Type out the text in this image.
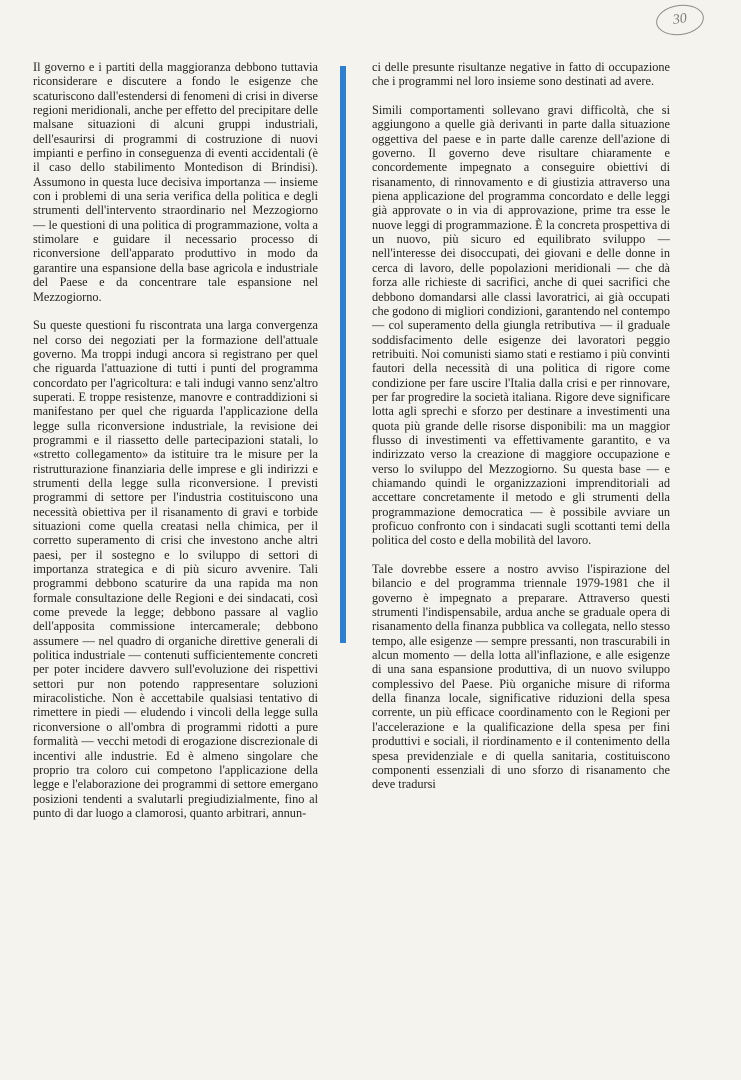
30

Il governo e i partiti della maggioranza debbono tuttavia riconsiderare e discutere a fondo le esigenze che scaturiscono dall'estendersi di fenomeni di crisi in diverse regioni meridionali, anche per effetto del precipitare delle malsane situazioni di alcuni gruppi industriali, dell'esaurirsi di programmi di costruzione di nuovi impianti e perfino in conseguenza di eventi accidentali (è il caso dello stabilimento Montedison di Brindisi). Assumono in questa luce decisiva importanza — insieme con i problemi di una seria verifica della politica e degli strumenti dell'intervento straordinario nel Mezzogiorno — le questioni di una politica di programmazione, volta a stimolare e guidare il necessario processo di riconversione dell'apparato produttivo in modo da garantire una espansione della base agricola e industriale del Paese e da concentrare tale espansione nel Mezzogiorno.

Su queste questioni fu riscontrata una larga convergenza nel corso dei negoziati per la formazione dell'attuale governo. Ma troppi indugi ancora si registrano per quel che riguarda l'attuazione di tutti i punti del programma concordato per l'agricoltura: e tali indugi vanno senz'altro superati. E troppe resistenze, manovre e contraddizioni si manifestano per quel che riguarda l'applicazione della legge sulla riconversione industriale, la revisione dei programmi e il riassetto delle partecipazioni statali, lo «stretto collegamento» da istituire tra le misure per la ristrutturazione finanziaria delle imprese e gli indirizzi e strumenti della legge sulla riconversione. I previsti programmi di settore per l'industria costituiscono una necessità obiettiva per il risanamento di gravi e torbide situazioni come quella creatasi nella chimica, per il corretto superamento di crisi che investono anche altri paesi, per il sostegno e lo sviluppo di settori di importanza strategica e di più sicuro avvenire. Tali programmi debbono scaturire da una rapida ma non formale consultazione delle Regioni e dei sindacati, così come prevede la legge; debbono passare al vaglio dell'apposita commissione intercamerale; debbono assumere — nel quadro di organiche direttive generali di politica industriale — contenuti sufficientemente concreti per poter incidere davvero sull'evoluzione dei rispettivi settori pur non potendo rappresentare soluzioni miracolistiche. Non è accettabile qualsiasi tentativo di rimettere in piedi — eludendo i vincoli della legge sulla riconversione o all'ombra di programmi ridotti a pure formalità — vecchi metodi di erogazione discrezionale di incentivi alle industrie. Ed è almeno singolare che proprio tra coloro cui competono l'applicazione della legge e l'elaborazione dei programmi di settore emergano posizioni tendenti a svalutarli pregiudizialmente, fino al punto di dar luogo a clamorosi, quanto arbitrari, annun-

ci delle presunte risultanze negative in fatto di occupazione che i programmi nel loro insieme sono destinati ad avere.

Simili comportamenti sollevano gravi difficoltà, che si aggiungono a quelle già derivanti in parte dalla situazione oggettiva del paese e in parte dalle carenze dell'azione di governo. Il governo deve risultare chiaramente e concordemente impegnato a conseguire obiettivi di risanamento, di rinnovamento e di giustizia attraverso una piena applicazione del programma concordato e delle leggi già approvate o in via di approvazione, prime tra esse le nuove leggi di programmazione. È la concreta prospettiva di un nuovo, più sicuro ed equilibrato sviluppo — nell'interesse dei disoccupati, dei giovani e delle donne in cerca di lavoro, delle popolazioni meridionali — che dà forza alle richieste di sacrifici, anche di quei sacrifici che debbono domandarsi alle classi lavoratrici, ai già occupati che godono di migliori condizioni, garantendo nel contempo — col superamento della giungla retributiva — il graduale soddisfacimento delle esigenze dei lavoratori peggio retribuiti. Noi comunisti siamo stati e restiamo i più convinti fautori della necessità di una politica di rigore come condizione per fare uscire l'Italia dalla crisi e per rinnovare, per far progredire la società italiana. Rigore deve significare lotta agli sprechi e sforzo per destinare a investimenti una quota più grande delle risorse disponibili: ma un maggior flusso di investimenti va effettivamente garantito, e va indirizzato verso la creazione di maggiore occupazione e verso lo sviluppo del Mezzogiorno. Su questa base — e chiamando quindi le organizzazioni imprenditoriali ad accettare concretamente il metodo e gli strumenti della programmazione democratica — è possibile avviare un proficuo confronto con i sindacati sugli scottanti temi della politica del costo e della mobilità del lavoro.

Tale dovrebbe essere a nostro avviso l'ispirazione del bilancio e del programma triennale 1979-1981 che il governo è impegnato a preparare. Attraverso questi strumenti l'indispensabile, ardua anche se graduale opera di risanamento della finanza pubblica va collegata, nello stesso tempo, alle esigenze — sempre pressanti, non trascurabili in alcun momento — della lotta all'inflazione, e alle esigenze di una sana espansione produttiva, di un nuovo sviluppo complessivo del Paese. Più organiche misure di riforma della finanza locale, significative riduzioni della spesa corrente, un più efficace coordinamento con le Regioni per l'accelerazione e la qualificazione della spesa per fini produttivi e sociali, il riordinamento e il contenimento della spesa previdenziale e di quella sanitaria, costituiscono componenti essenziali di uno sforzo di risanamento che deve tradursi
